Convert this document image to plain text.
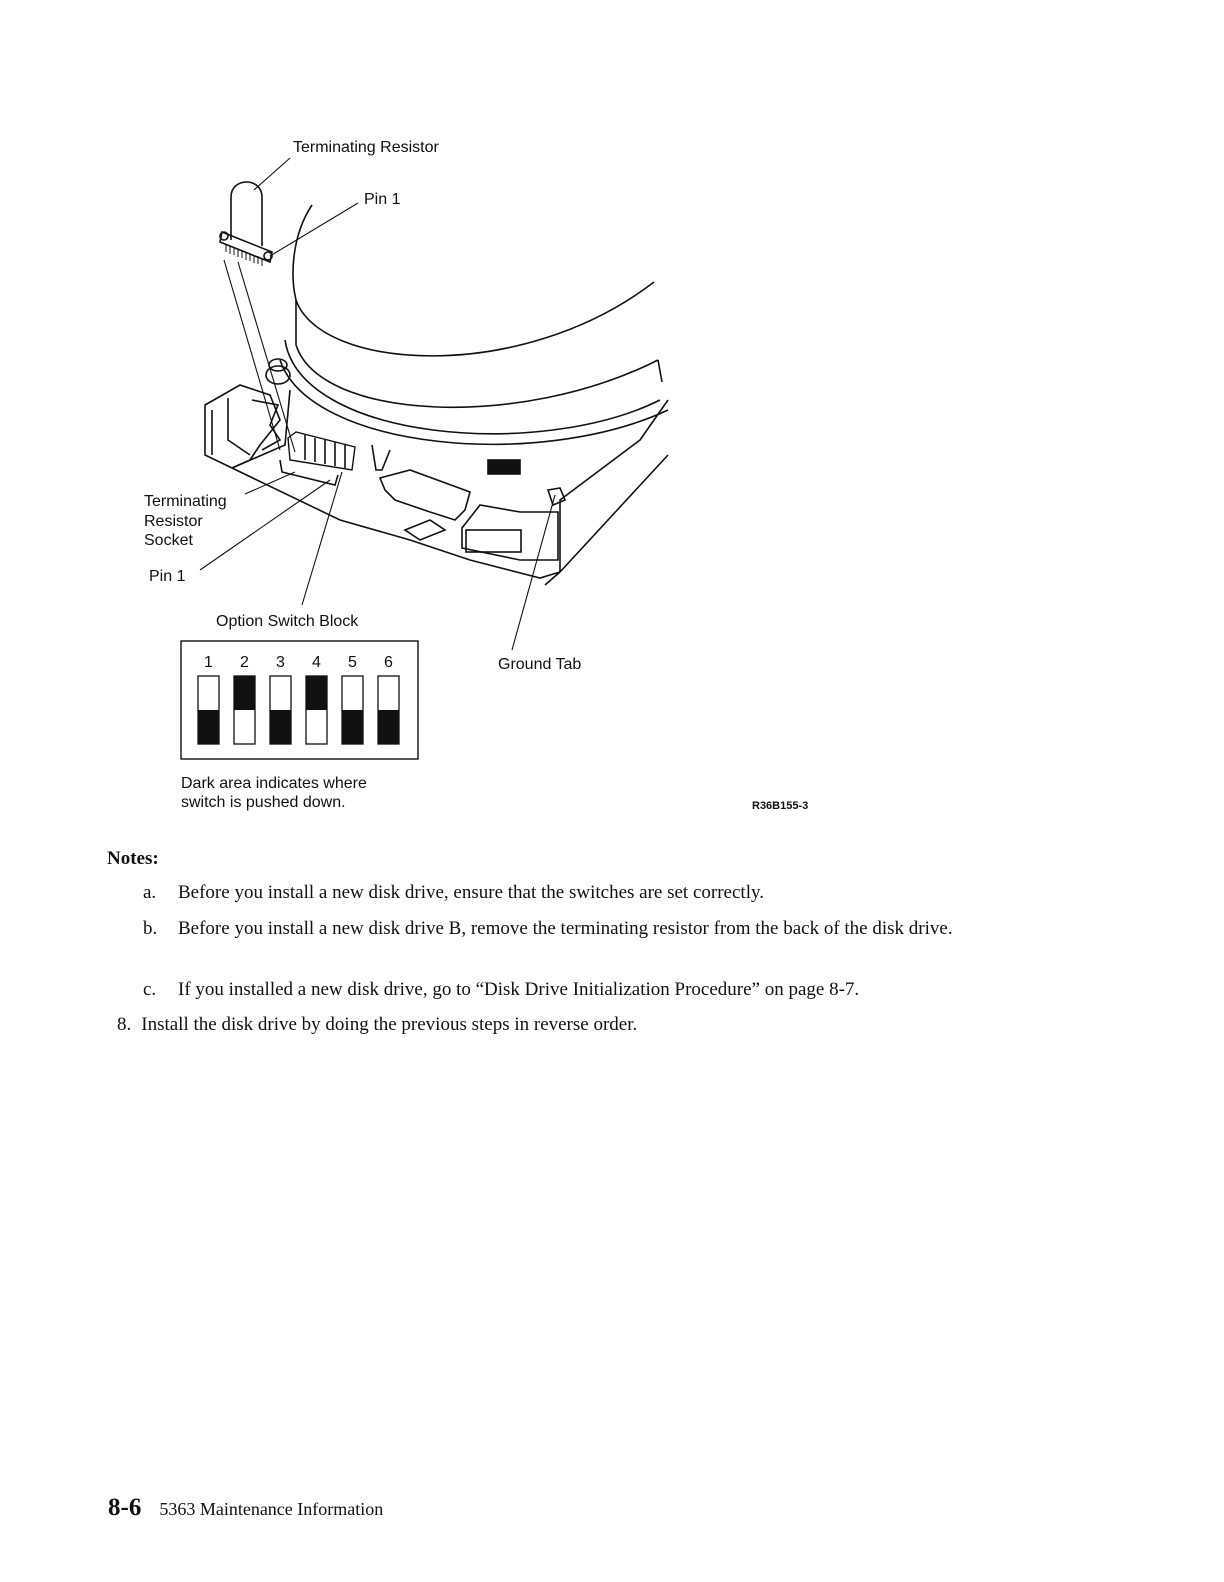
1 2 3 4 5 6
Terminating Resistor
Pin 1
Terminating
Resistor
Socket
Pin 1
Option Switch Block
Ground Tab
Dark area indicates where
switch is pushed down.	R36B155-3
Notes:
a. Before you install a new disk drive, ensure that the switches are set correctly.
b. Before you install a new disk drive B, remove the terminating resistor from the back of the disk drive.
c. If you installed a new disk drive, go to “Disk Drive Initialization Procedure” on page 8-7.
8. Install the disk drive by doing the previous steps in reverse order.
8-6 5363 Maintenance Information
